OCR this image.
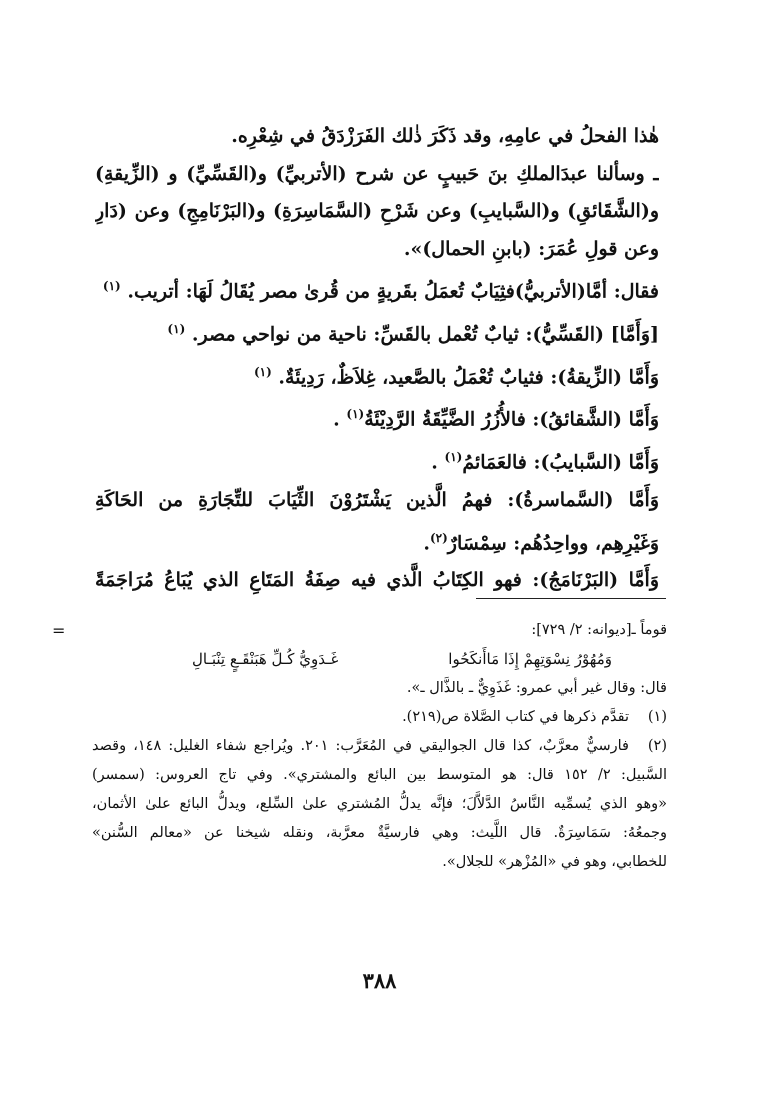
هٰذا الفحلُ في عامِهِ، وقد ذَكَرَ ذٰلك الفَرَزْدَقُ في شِعْرِه.
ـ وسألنا عبدَالملكِ بنَ حَبيبٍ عن شرح (الأتربيِّ) و(القَسِّيِّ) و (الزِّيقةِ)
و(الشَّقَائقِ) و(السَّبايبِ) وعن شَرْحِ (السَّمَاسِرَةِ) و(البَرْنَامِجِ) وعن (دَارِ
وعن قولِ عُمَرَ: (بابنِ الحمال)».
فقال: أمَّا(الأتربيُّ)فثِيَابٌ تُعمَلُ بقَريةٍ من قُرىٰ مصر يُقَالُ لَهَا: أتريب. $^{(١)}$
[وَأَمَّا] (القَسِّيُّ): ثيابٌ تُعْمل بالقَسِّ: ناحية من نواحي مصر. $^{(١)}$
وَأَمَّا (الزِّيقةُ): فثيابٌ تُعْمَلُ بالصَّعيد، غِلاَظٌ، رَدِيئَةٌ. $^{(١)}$
وَأَمَّا (الشَّقائقُ): فالأُزُرُ الضَّيِّقَةُ الرَّدِيْئَةُ$^{(١)}$ .
وَأَمَّا (السَّبايبُ): فالعَمَائمُ$^{(١)}$ .
وَأَمَّا (السَّماسرةُ): فهمُ الَّذين يَشْتَرُوْنَ الثِّيَابَ للتِّجَارَةِ من الحَاكَةِ
وَغَيْرِهِم، وواحِدُهُم: سِمْسَارٌ$^{(٢)}$.
وَأَمَّا (البَرْنَامَجُ): فهو الكِتَابُ الَّذي فيه صِفَةُ المَتَاعِ الذي يُبَاعُ مُرَاجَمَةً
=	قوماً ـ[ديوانه: ٢/ ٧٢٩]:
وَمُهُوْرُ نِسْوَتِهِمْ إِذَا مَاأَنكَحُوا
غَـدَوِيُّ كُـلِّ هَبَنْقَـعٍ تِنْبَـالِ
قال: وقال غير أبي عمرو: غَذَوِيٌّ ـ بالذَّال ـ».
(١)تقدَّم ذكرها في كتاب الصَّلاة ص(٢١٩).
(٢)فارسيٌّ معرَّبٌ، كذا قال الجواليقي في المُعَرَّب: ٢٠١. ويُراجع شفاء الغليل: ١٤٨، وقصد
السَّبيل: ٢/ ١٥٢ قال: هو المتوسط بين البائع والمشتري». وفي تاج العروس: (سمسر)
«وهو الذي يُسمِّيه النَّاسُ الدَّلاَّلَ؛ فإنَّه يدلُّ المُشتري علىٰ السِّلع، ويدلُّ البائع علىٰ الأثمان،
وجمعُهُ: سَمَاسِرَةٌ. قال اللَّيث: وهي فارسيَّةٌ معرَّبة، ونقله شيخنا عن «معالم السُّنن»
للخطابي، وهو في «المُزْهر» للجلال».
٣٨٨
